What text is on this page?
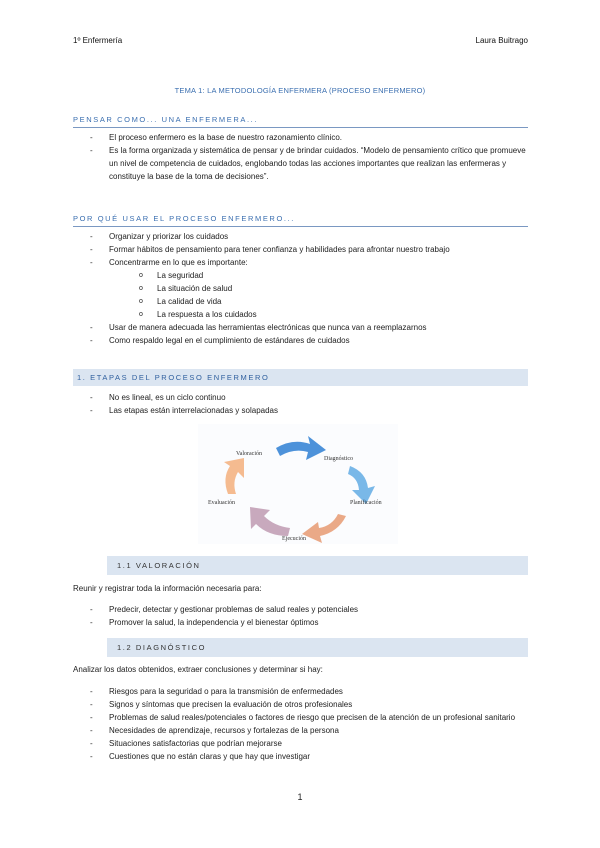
1º Enfermería	Laura Buitrago
TEMA 1: LA METODOLOGÍA ENFERMERA (PROCESO ENFERMERO)
PENSAR COMO... UNA ENFERMERA...
- El proceso enfermero es la base de nuestro razonamiento clínico.
- Es la forma organizada y sistemática de pensar y de brindar cuidados. “Modelo de pensamiento crítico que promueve un nivel de competencia de cuidados, englobando todas las acciones importantes que realizan las enfermeras y constituye la base de la toma de decisiones”.
POR QUÉ USAR EL PROCESO ENFERMERO...
- Organizar y priorizar los cuidados
- Formar hábitos de pensamiento para tener confianza y habilidades para afrontar nuestro trabajo
- Concentrarme en lo que es importante:
o La seguridad
o La situación de salud
o La calidad de vida
o La respuesta a los cuidados
- Usar de manera adecuada las herramientas electrónicas que nunca van a reemplazarnos
- Como respaldo legal en el cumplimiento de estándares de cuidados
1. ETAPAS DEL PROCESO ENFERMERO
- No es lineal, es un ciclo continuo
- Las etapas están interrelacionadas y solapadas
Valoración
Diagnóstico
Planificación
Ejecución
Evaluación
1.1 VALORACIÓN
Reunir y registrar toda la información necesaria para:
- Predecir, detectar y gestionar problemas de salud reales y potenciales
- Promover la salud, la independencia y el bienestar óptimos
1.2 DIAGNÓSTICO
Analizar los datos obtenidos, extraer conclusiones y determinar si hay:
- Riesgos para la seguridad o para la transmisión de enfermedades
- Signos y síntomas que precisen la evaluación de otros profesionales
- Problemas de salud reales/potenciales o factores de riesgo que precisen de la atención de un profesional sanitario
- Necesidades de aprendizaje, recursos y fortalezas de la persona
- Situaciones satisfactorias que podrían mejorarse
- Cuestiones que no están claras y que hay que investigar
1
